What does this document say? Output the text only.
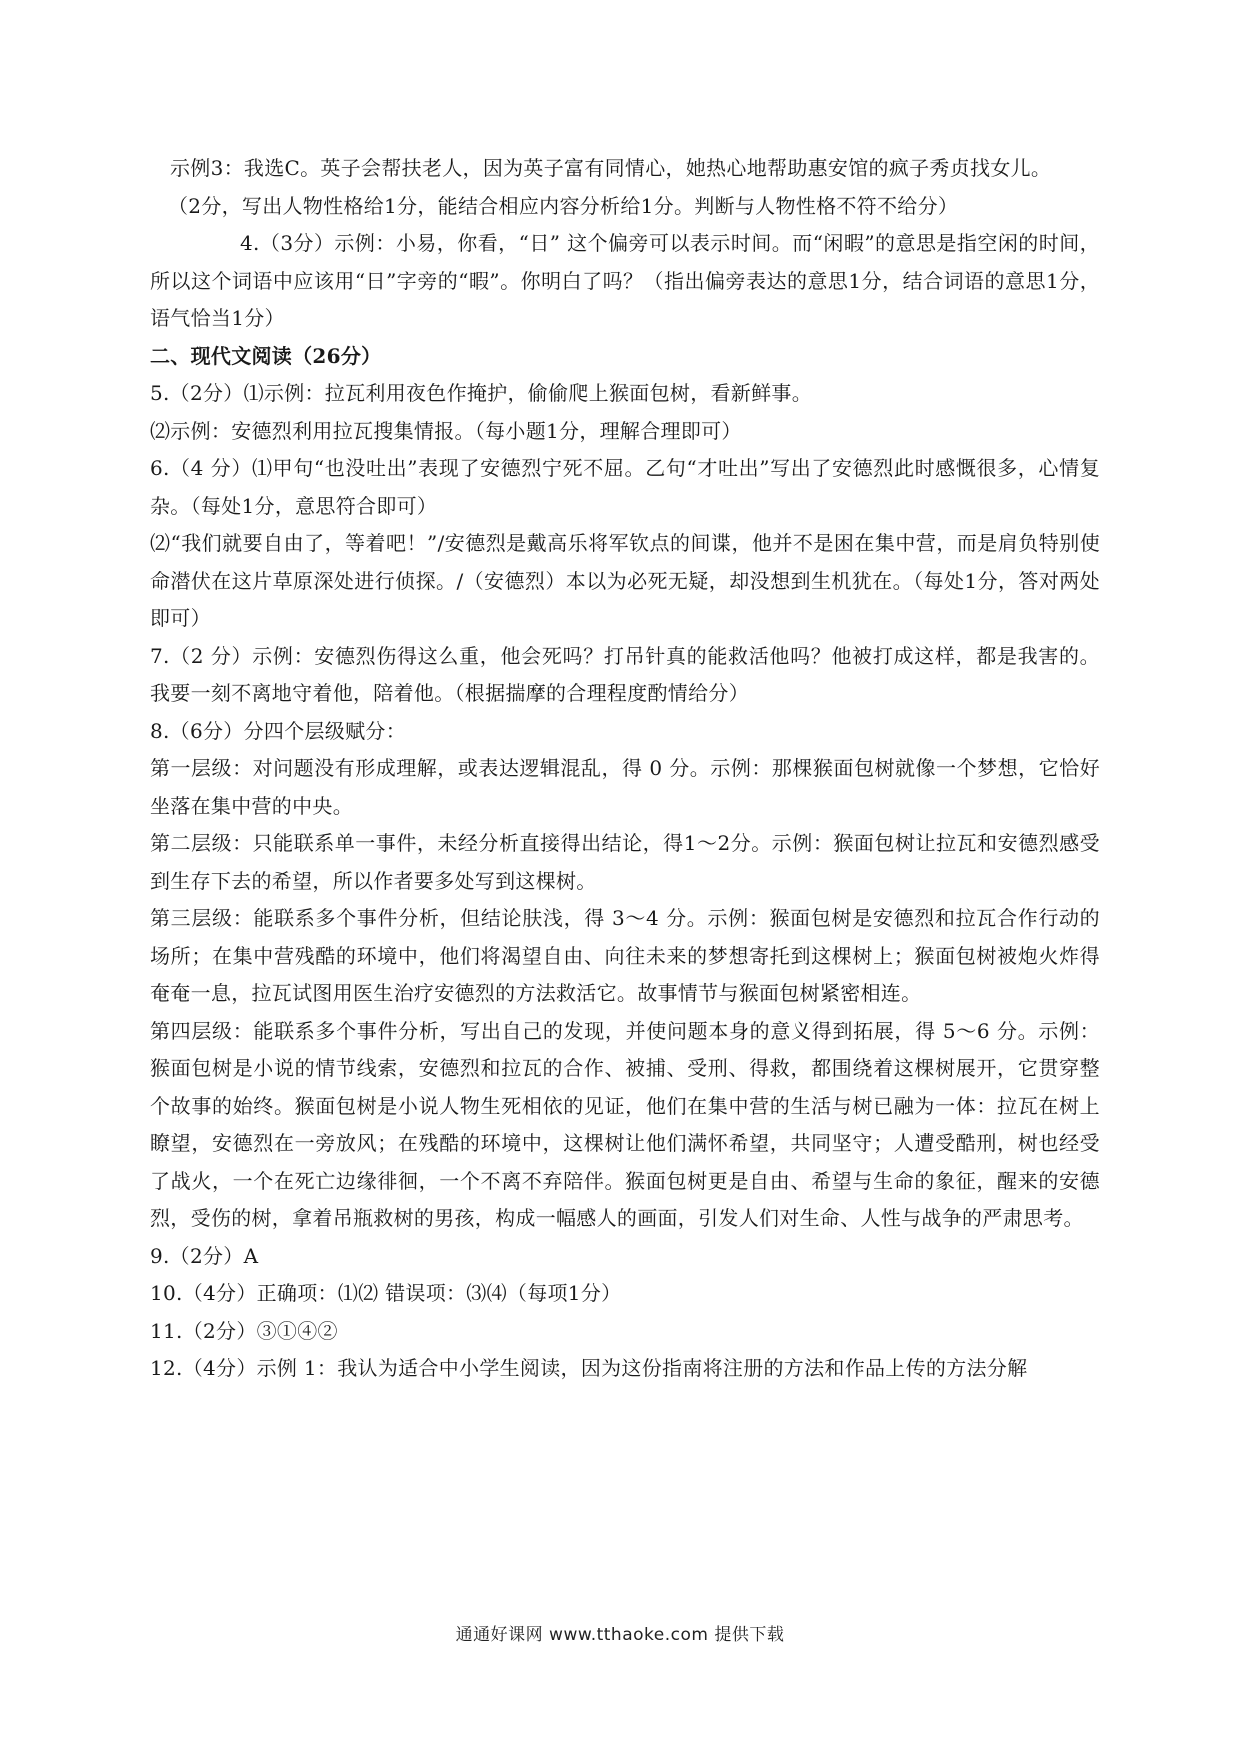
示例3：我选C。英子会帮扶老人，因为英子富有同情心，她热心地帮助惠安馆的疯子秀贞找女儿。

（2分，写出人物性格给1分，能结合相应内容分析给1分。判断与人物性格不符不给分）

4.（3分）示例：小易，你看，“日” 这个偏旁可以表示时间。而“闲暇”的意思是指空闲的时间，所以这个词语中应该用“日”字旁的“暇”。你明白了吗？（指出偏旁表达的意思1分，结合词语的意思1分，语气恰当1分）

二、现代文阅读（26分）

5.（2分）⑴示例：拉瓦利用夜色作掩护，偷偷爬上猴面包树，看新鲜事。

⑵示例：安德烈利用拉瓦搜集情报。（每小题1分，理解合理即可）

6.（4 分）⑴甲句“也没吐出”表现了安德烈宁死不屈。乙句“才吐出”写出了安德烈此时感慨很多，心情复杂。（每处1分，意思符合即可）

⑵“我们就要自由了，等着吧！”/安德烈是戴高乐将军钦点的间谍，他并不是困在集中营，而是肩负特别使命潜伏在这片草原深处进行侦探。/（安德烈）本以为必死无疑，却没想到生机犹在。（每处1分，答对两处即可）

7.（2 分）示例：安德烈伤得这么重，他会死吗？打吊针真的能救活他吗？他被打成这样，都是我害的。我要一刻不离地守着他，陪着他。（根据揣摩的合理程度酌情给分）

8.（6分）分四个层级赋分：

第一层级：对问题没有形成理解，或表达逻辑混乱，得 0 分。示例：那棵猴面包树就像一个梦想，它恰好坐落在集中营的中央。

第二层级：只能联系单一事件，未经分析直接得出结论，得1～2分。示例：猴面包树让拉瓦和安德烈感受到生存下去的希望，所以作者要多处写到这棵树。

第三层级：能联系多个事件分析，但结论肤浅，得 3～4 分。示例：猴面包树是安德烈和拉瓦合作行动的场所；在集中营残酷的环境中，他们将渴望自由、向往未来的梦想寄托到这棵树上；猴面包树被炮火炸得奄奄一息，拉瓦试图用医生治疗安德烈的方法救活它。故事情节与猴面包树紧密相连。

第四层级：能联系多个事件分析，写出自己的发现，并使问题本身的意义得到拓展，得 5～6 分。示例：猴面包树是小说的情节线索，安德烈和拉瓦的合作、被捕、受刑、得救，都围绕着这棵树展开，它贯穿整个故事的始终。猴面包树是小说人物生死相依的见证，他们在集中营的生活与树已融为一体：拉瓦在树上瞭望，安德烈在一旁放风；在残酷的环境中，这棵树让他们满怀希望，共同坚守；人遭受酷刑，树也经受了战火，一个在死亡边缘徘徊，一个不离不弃陪伴。猴面包树更是自由、希望与生命的象征，醒来的安德烈，受伤的树，拿着吊瓶救树的男孩，构成一幅感人的画面，引发人们对生命、人性与战争的严肃思考。

9.（2分）A

10.（4分）正确项：⑴⑵ 错误项：⑶⑷（每项1分）

11.（2分）③①④②

12.（4分）示例 1：我认为适合中小学生阅读，因为这份指南将注册的方法和作品上传的方法分解

通通好课网 www.tthaoke.com 提供下载
